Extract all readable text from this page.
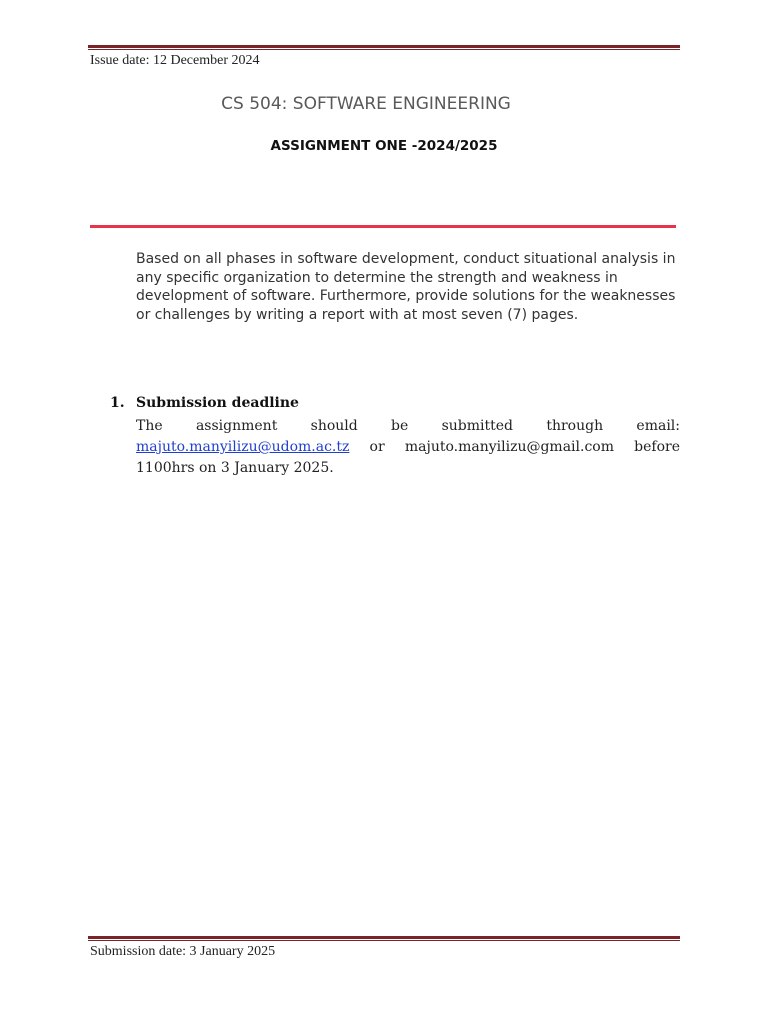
Issue date: 12 December 2024
CS 504: SOFTWARE ENGINEERING
ASSIGNMENT ONE -2024/2025
Based on all phases in software development, conduct situational analysis in any specific organization to determine the strength and weakness in development of software. Furthermore, provide solutions for the weaknesses or challenges by writing a report with at most seven (7) pages.
1. Submission deadline
The assignment should be submitted through email: majuto.manyilizu@udom.ac.tz or majuto.manyilizu@gmail.com before 1100hrs on 3 January 2025.
Submission date: 3 January 2025
